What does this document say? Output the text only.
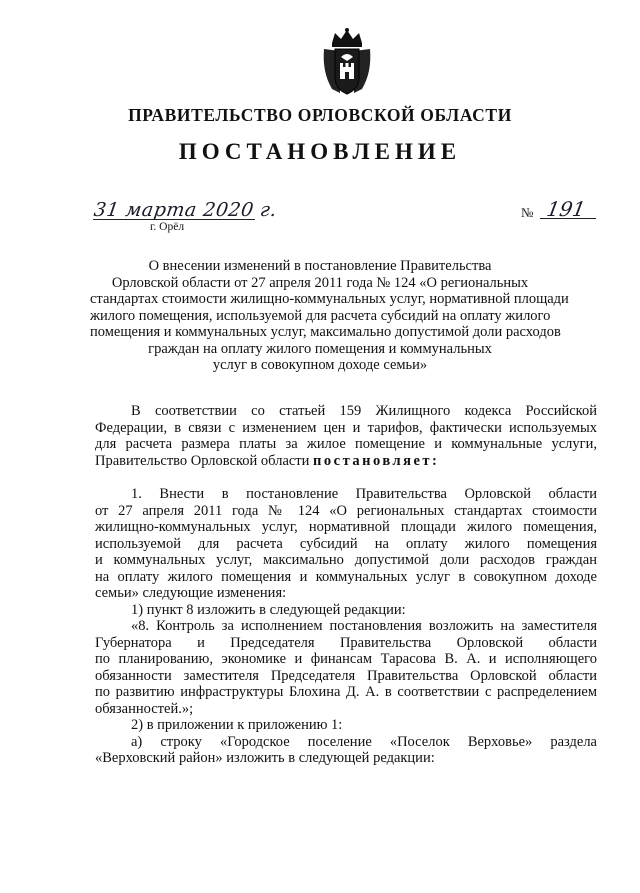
ПРАВИТЕЛЬСТВО ОРЛОВСКОЙ ОБЛАСТИ
ПОСТАНОВЛЕНИЕ
31 марта 2020 г.
г. Орёл
№ 191

О внесении изменений в постановление Правительства
Орловской области от 27 апреля 2011 года № 124 «О региональных
стандартах стоимости жилищно-коммунальных услуг, нормативной площади
жилого помещения, используемой для расчета субсидий на оплату жилого
помещения и коммунальных услуг, максимально допустимой доли расходов
граждан на оплату жилого помещения и коммунальных
услуг в совокупном доходе семьи»

В соответствии со статьей 159 Жилищного кодекса Российской
Федерации, в связи с изменением цен и тарифов, фактически используемых
для расчета размера платы за жилое помещение и коммунальные услуги,
Правительство Орловской области постановляет:

1. Внести в постановление Правительства Орловской области
от 27 апреля 2011 года № 124 «О региональных стандартах стоимости
жилищно-коммунальных услуг, нормативной площади жилого помещения,
используемой для расчета субсидий на оплату жилого помещения
и коммунальных услуг, максимально допустимой доли расходов граждан
на оплату жилого помещения и коммунальных услуг в совокупном доходе
семьи» следующие изменения:

1) пункт 8 изложить в следующей редакции:

«8. Контроль за исполнением постановления возложить на заместителя
Губернатора и Председателя Правительства Орловской области
по планированию, экономике и финансам Тарасова В. А. и исполняющего
обязанности заместителя Председателя Правительства Орловской области
по развитию инфраструктуры Блохина Д. А. в соответствии с распределением
обязанностей.»;

2) в приложении к приложению 1:

а) строку «Городское поселение «Поселок Верховье» раздела
«Верховский район» изложить в следующей редакции:
